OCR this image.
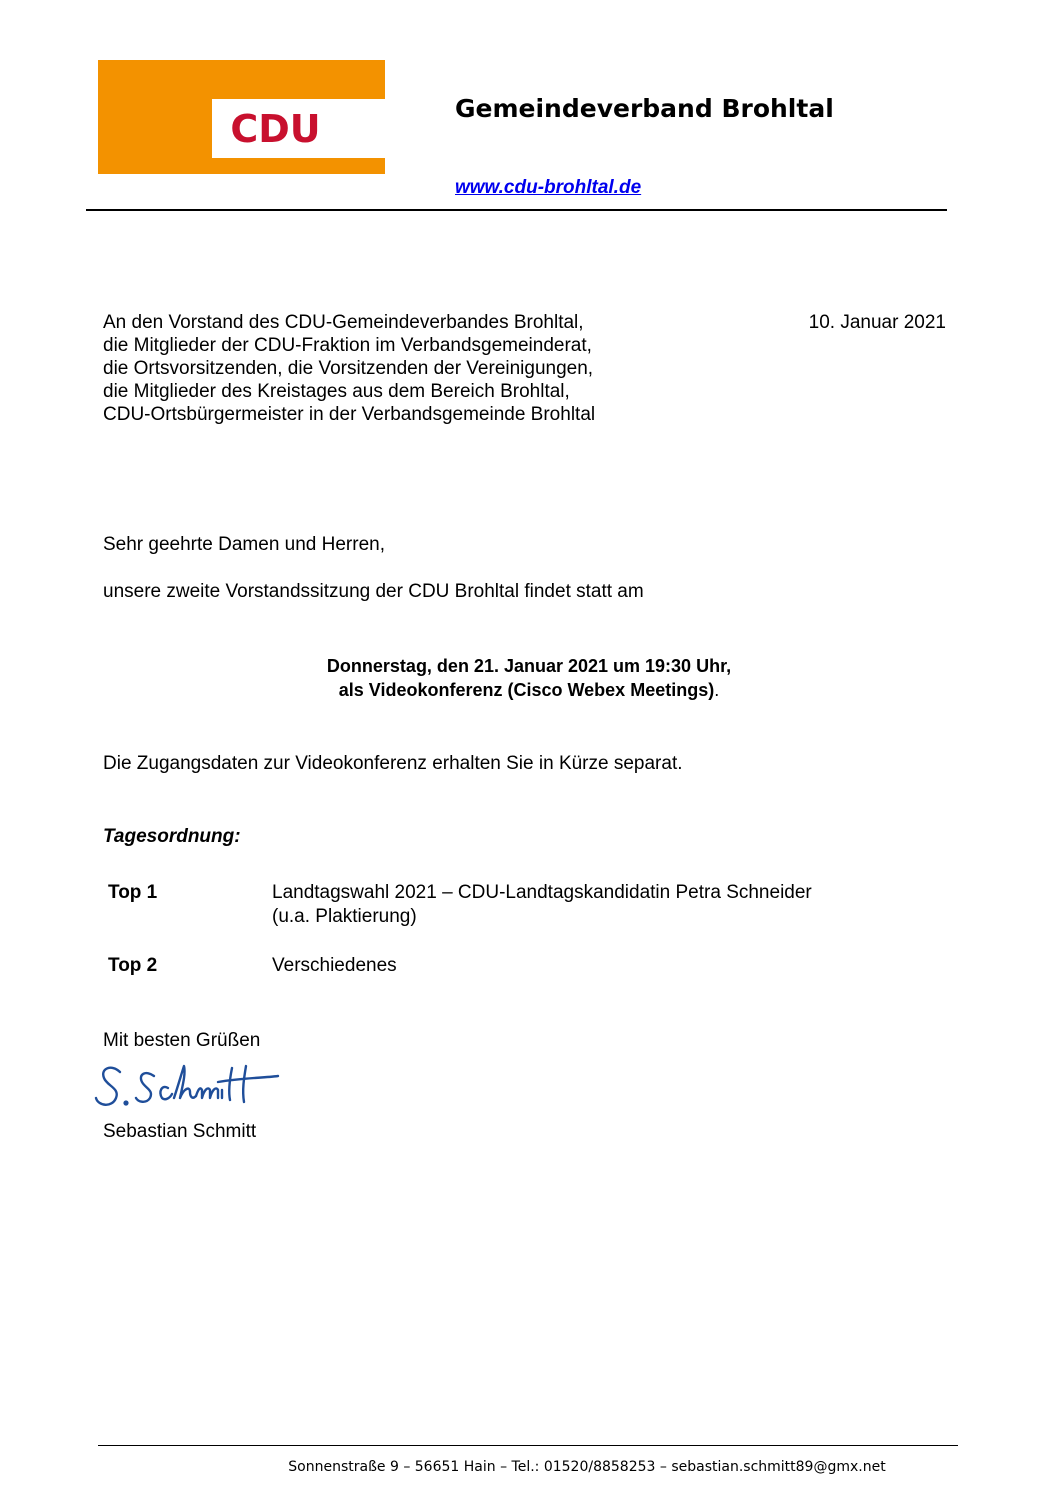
CDU	Gemeindeverband Brohltal
www.cdu-brohltal.de
An den Vorstand des CDU-Gemeindeverbandes Brohltal,
die Mitglieder der CDU-Fraktion im Verbandsgemeinderat,
die Ortsvorsitzenden, die Vorsitzenden der Vereinigungen,
die Mitglieder des Kreistages aus dem Bereich Brohltal,
CDU-Ortsbürgermeister in der Verbandsgemeinde Brohltal
10. Januar 2021
Sehr geehrte Damen und Herren,
unsere zweite Vorstandssitzung der CDU Brohltal findet statt am
Donnerstag, den 21. Januar 2021 um 19:30 Uhr,
als Videokonferenz (Cisco Webex Meetings).
Die Zugangsdaten zur Videokonferenz erhalten Sie in Kürze separat.
Tagesordnung:
Top 1	Landtagswahl 2021 – CDU-Landtagskandidatin Petra Schneider
(u.a. Plaktierung)
Top 2	Verschiedenes
Mit besten Grüßen
Sebastian Schmitt
Sonnenstraße 9 – 56651 Hain – Tel.: 01520/8858253 – sebastian.schmitt89@gmx.net
